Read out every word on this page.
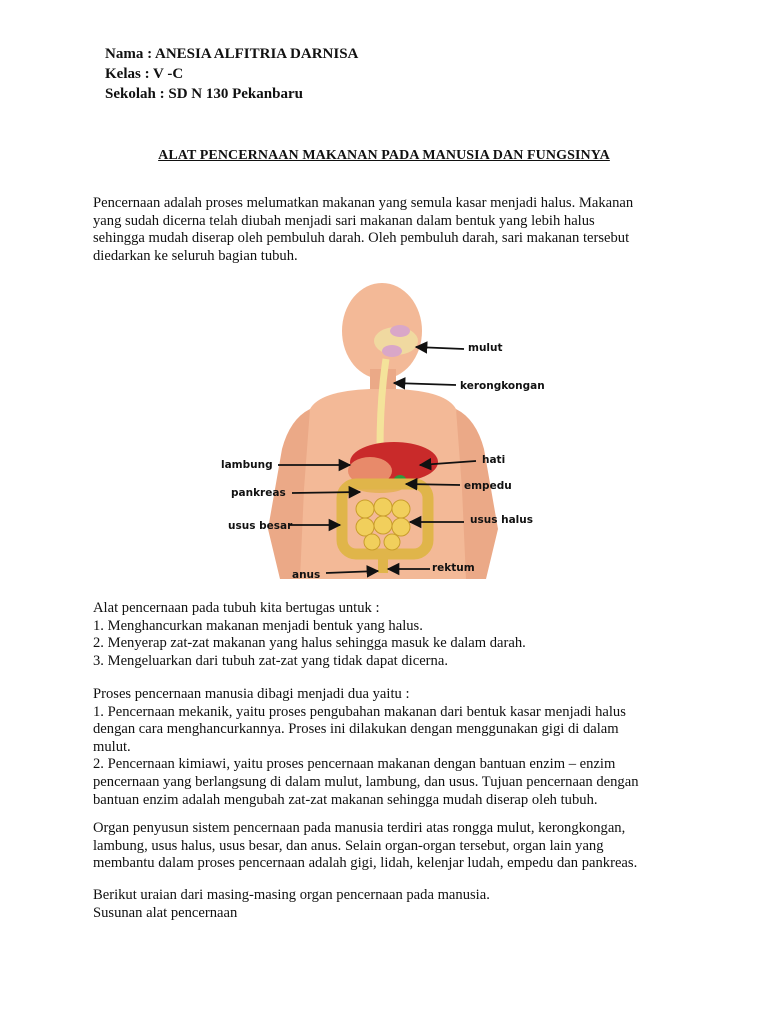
Nama : ANESIA ALFITRIA DARNISA
Kelas : V -C
Sekolah : SD N 130 Pekanbaru
ALAT PENCERNAAN MAKANAN PADA MANUSIA DAN FUNGSINYA

Pencernaan adalah proses melumatkan makanan yang semula kasar menjadi halus. Makanan

yang sudah dicerna telah diubah menjadi sari makanan dalam bentuk yang lebih halus

sehingga mudah diserap oleh pembuluh darah. Oleh pembuluh darah, sari makanan tersebut

diedarkan ke seluruh bagian tubuh.

mulut
kerongkongan
hati
empedu
usus halus
rektum
lambung
pankreas
usus besar
anus

Alat pencernaan pada tubuh kita bertugas untuk :

1. Menghancurkan makanan menjadi bentuk yang halus.

2. Menyerap zat-zat makanan yang halus sehingga masuk ke dalam darah.

3. Mengeluarkan dari tubuh zat-zat yang tidak dapat dicerna.

Proses pencernaan manusia dibagi menjadi dua yaitu :

1. Pencernaan mekanik, yaitu proses pengubahan makanan dari bentuk kasar menjadi halus

dengan cara menghancurkannya. Proses ini dilakukan dengan menggunakan gigi di dalam

mulut.

2. Pencernaan kimiawi, yaitu proses pencernaan makanan dengan bantuan enzim – enzim

pencernaan yang berlangsung di dalam mulut, lambung, dan usus. Tujuan pencernaan dengan

bantuan enzim adalah mengubah zat-zat makanan sehingga mudah diserap oleh tubuh.

Organ penyusun sistem pencernaan pada manusia terdiri atas rongga mulut, kerongkongan,

lambung, usus halus, usus besar, dan anus. Selain organ-organ tersebut, organ lain yang

membantu dalam proses pencernaan adalah gigi, lidah, kelenjar ludah, empedu dan pankreas.

Berikut uraian dari masing-masing organ pencernaan pada manusia.

Susunan alat pencernaan
